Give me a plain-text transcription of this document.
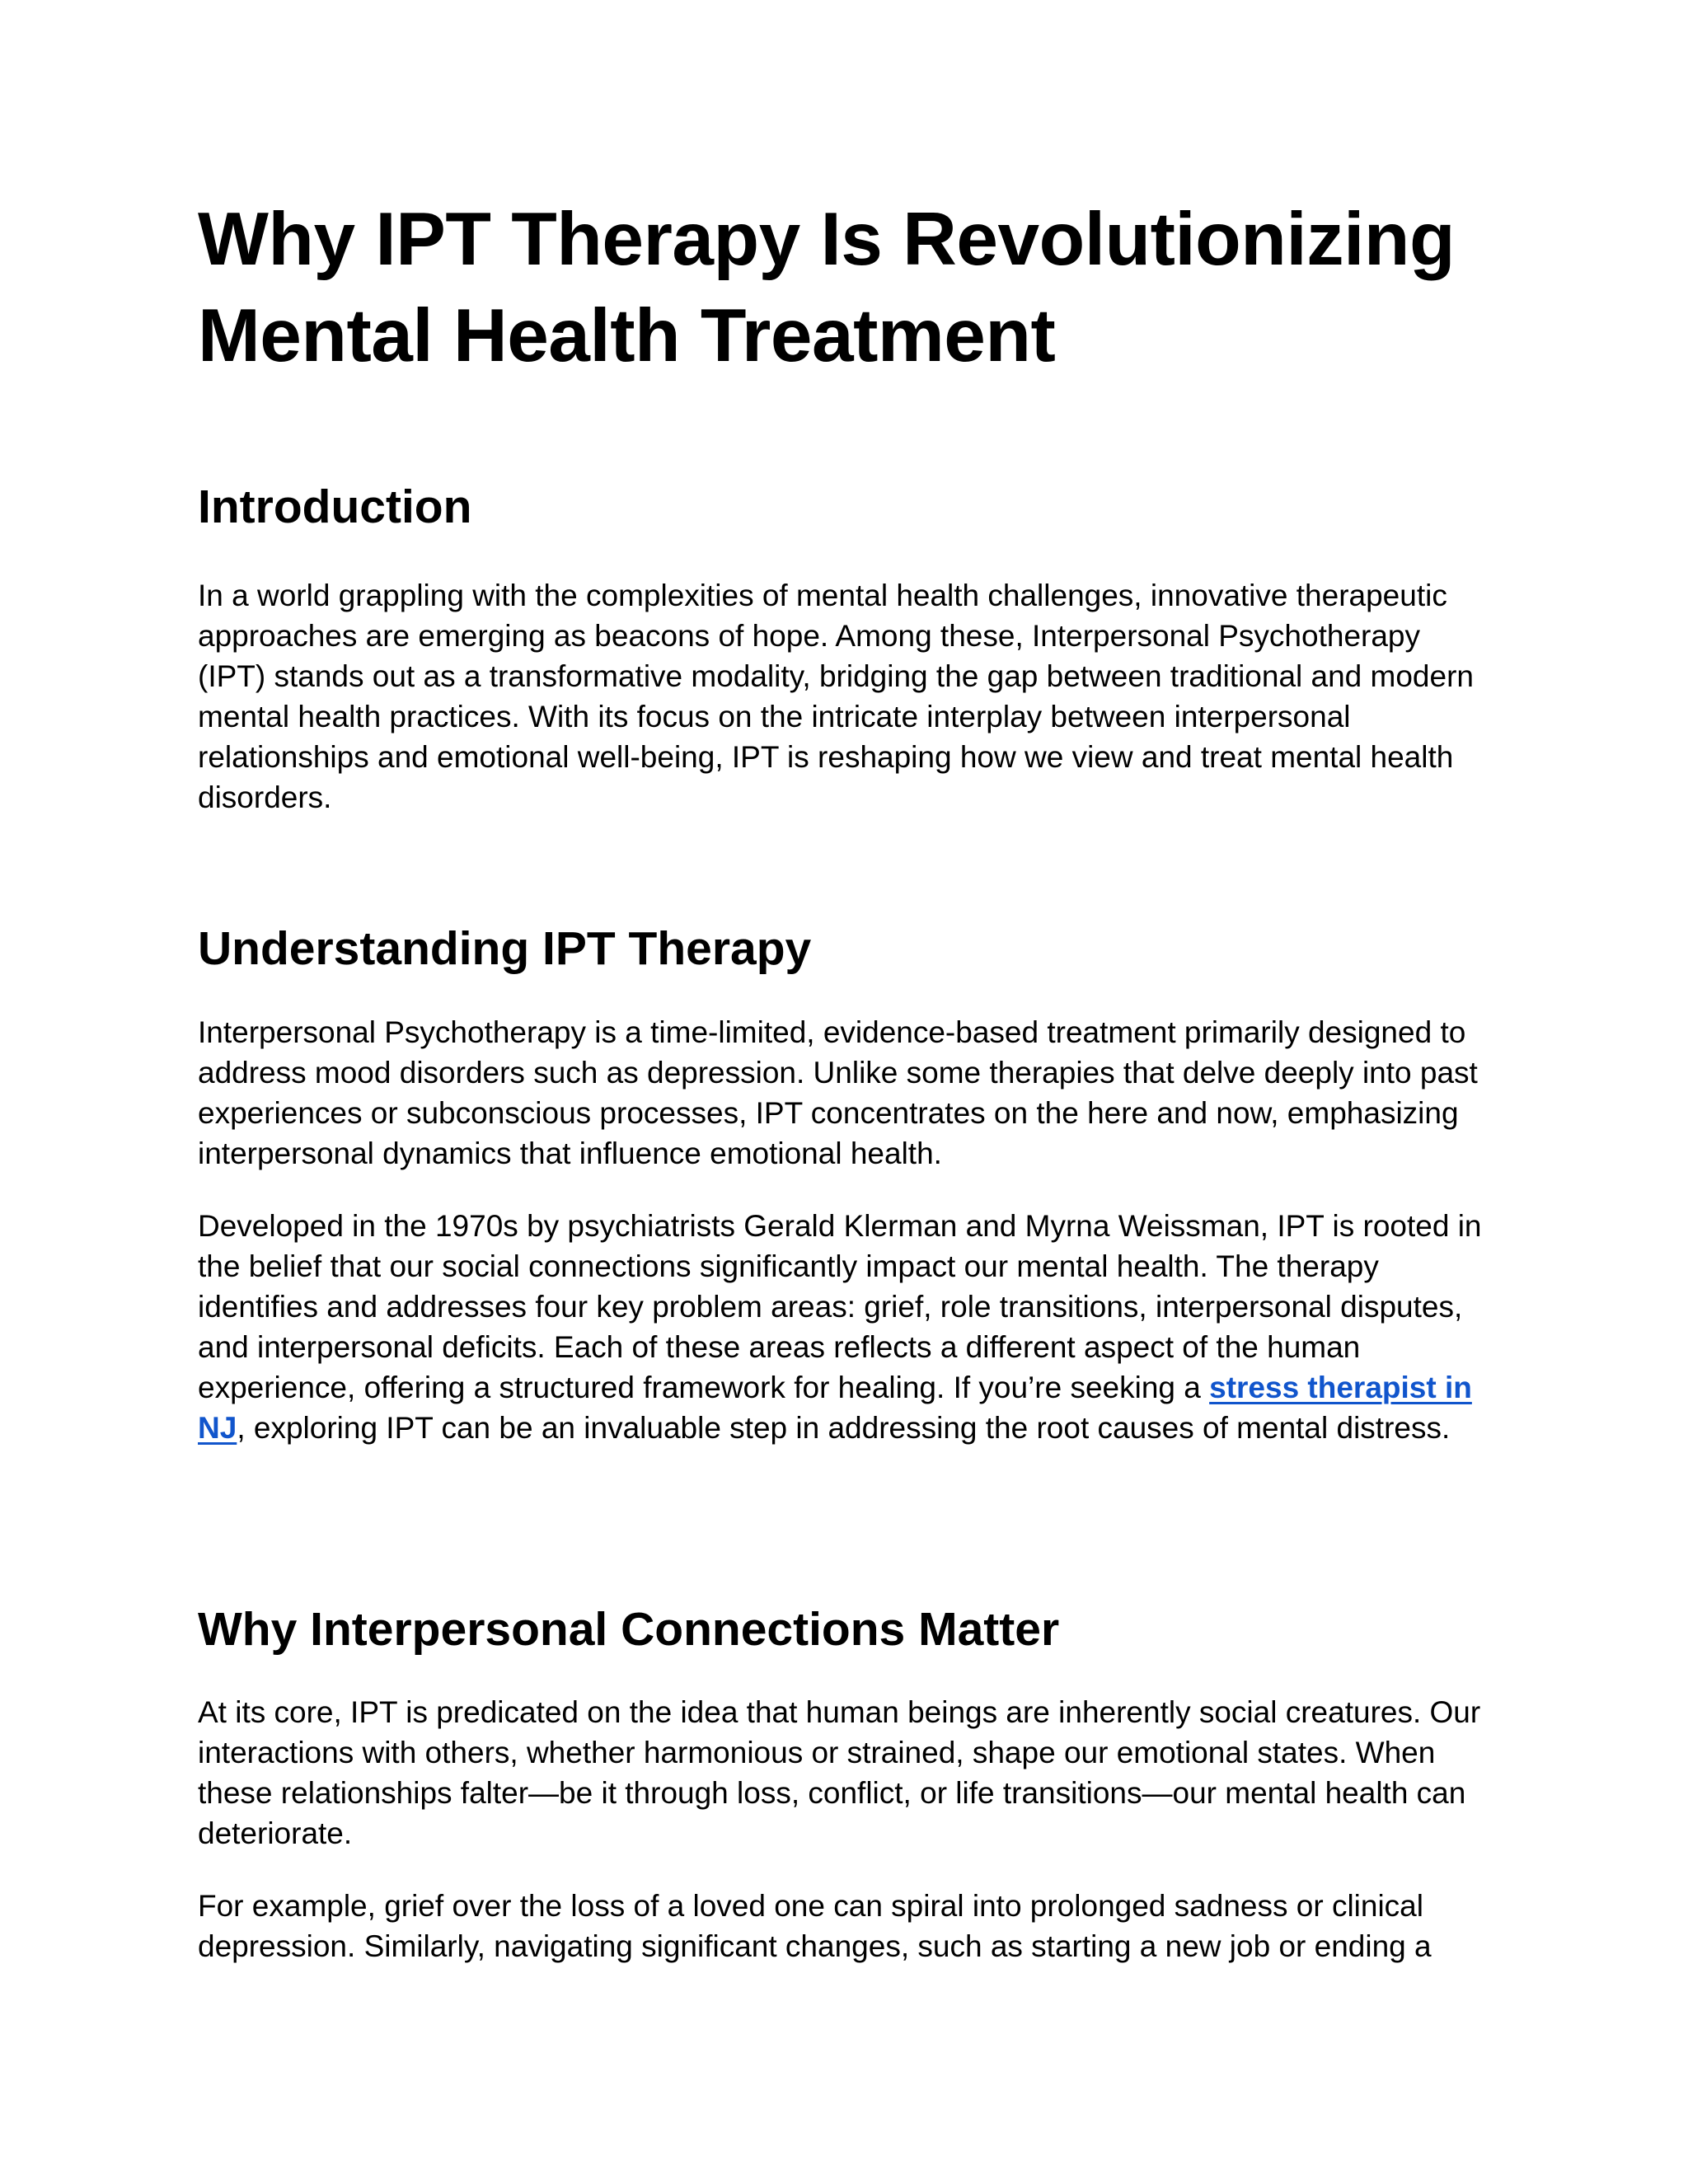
Why IPT Therapy Is Revolutionizing
Mental Health Treatment
Introduction

In a world grappling with the complexities of mental health challenges, innovative therapeutic
approaches are emerging as beacons of hope. Among these, Interpersonal Psychotherapy
(IPT) stands out as a transformative modality, bridging the gap between traditional and modern
mental health practices. With its focus on the intricate interplay between interpersonal
relationships and emotional well-being, IPT is reshaping how we view and treat mental health
disorders.

Understanding IPT Therapy

Interpersonal Psychotherapy is a time-limited, evidence-based treatment primarily designed to
address mood disorders such as depression. Unlike some therapies that delve deeply into past
experiences or subconscious processes, IPT concentrates on the here and now, emphasizing
interpersonal dynamics that influence emotional health.

Developed in the 1970s by psychiatrists Gerald Klerman and Myrna Weissman, IPT is rooted in
the belief that our social connections significantly impact our mental health. The therapy
identifies and addresses four key problem areas: grief, role transitions, interpersonal disputes,
and interpersonal deficits. Each of these areas reflects a different aspect of the human
experience, offering a structured framework for healing. If you’re seeking a stress therapist in
NJ, exploring IPT can be an invaluable step in addressing the root causes of mental distress.

Why Interpersonal Connections Matter

At its core, IPT is predicated on the idea that human beings are inherently social creatures. Our
interactions with others, whether harmonious or strained, shape our emotional states. When
these relationships falter—be it through loss, conflict, or life transitions—our mental health can
deteriorate.

For example, grief over the loss of a loved one can spiral into prolonged sadness or clinical
depression. Similarly, navigating significant changes, such as starting a new job or ending a
